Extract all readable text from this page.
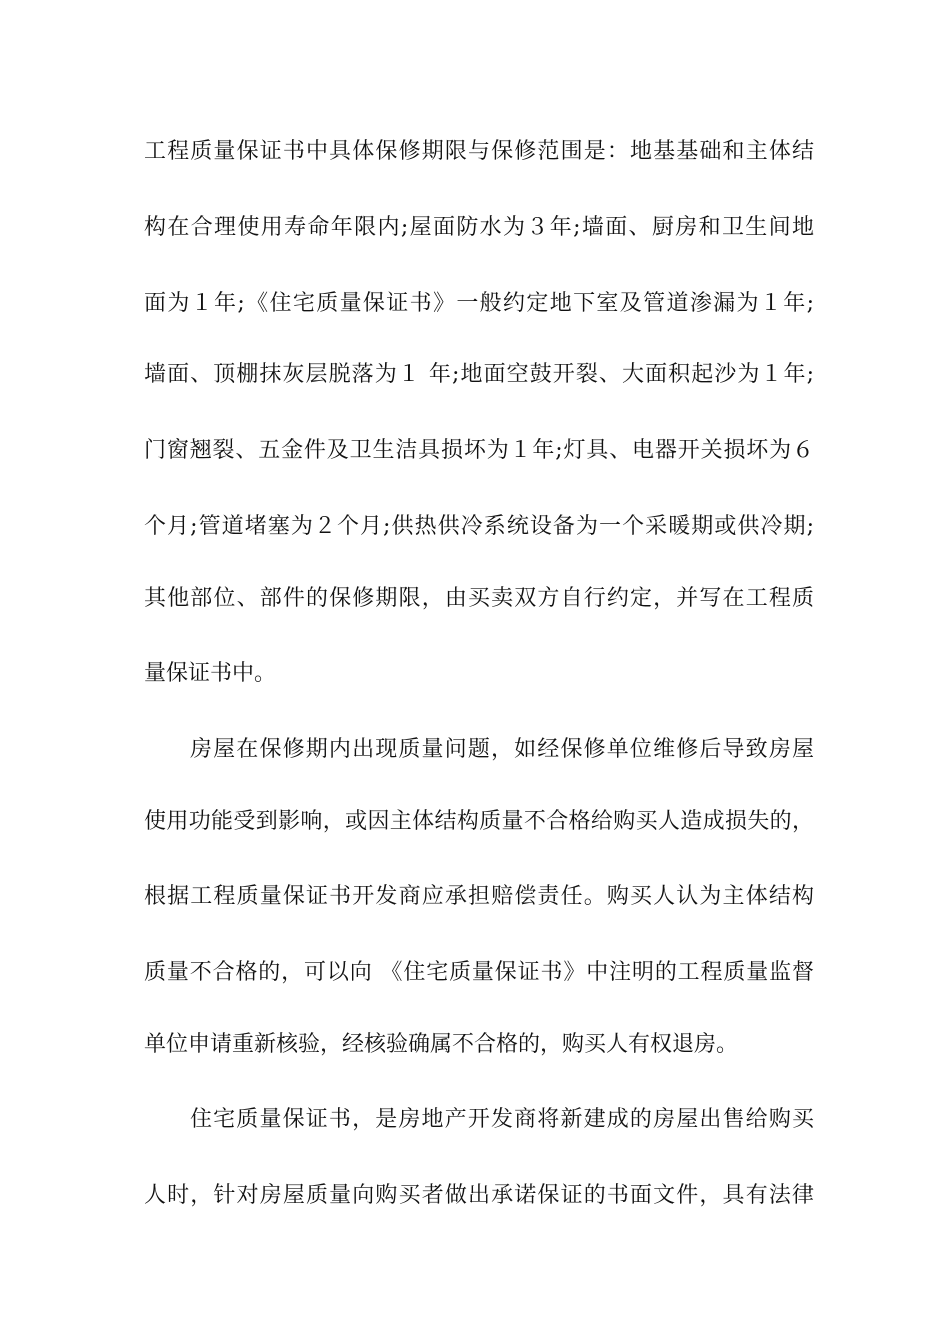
工程质量保证书中具体保修期限与保修范围是：地基基础和主体结
构在合理使用寿命年限内;屋面防水为３年;墙面、厨房和卫生间地
面为１年;《住宅质量保证书》一般约定地下室及管道渗漏为１年;
墙面、顶棚抹灰层脱落为１ 年;地面空鼓开裂、大面积起沙为１年;
门窗翘裂、五金件及卫生洁具损坏为１年;灯具、电器开关损坏为６
个月;管道堵塞为２个月;供热供冷系统设备为一个采暖期或供冷期;
其他部位、部件的保修期限，由买卖双方自行约定，并写在工程质
量保证书中。
房屋在保修期内出现质量问题，如经保修单位维修后导致房屋
使用功能受到影响，或因主体结构质量不合格给购买人造成损失的，
根据工程质量保证书开发商应承担赔偿责任。购买人认为主体结构
质量不合格的，可以向 《住宅质量保证书》中注明的工程质量监督
单位申请重新核验，经核验确属不合格的，购买人有权退房。
住宅质量保证书，是房地产开发商将新建成的房屋出售给购买
人时，针对房屋质量向购买者做出承诺保证的书面文件，具有法律
